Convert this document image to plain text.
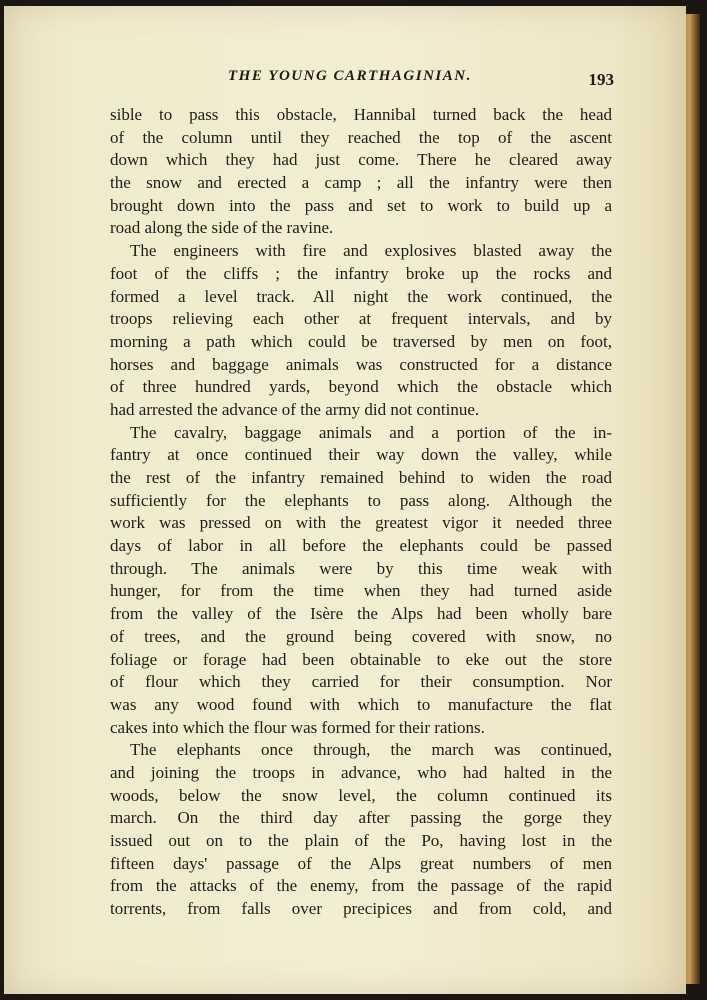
THE YOUNG CARTHAGINIAN.	193
sible to pass this obstacle, Hannibal turned back the head
of the column until they reached the top of the ascent
down which they had just come. There he cleared away
the snow and erected a camp ; all the infantry were then
brought down into the pass and set to work to build up a
road along the side of the ravine.
The engineers with fire and explosives blasted away the
foot of the cliffs ; the infantry broke up the rocks and
formed a level track. All night the work continued, the
troops relieving each other at frequent intervals, and by
morning a path which could be traversed by men on foot,
horses and baggage animals was constructed for a distance
of three hundred yards, beyond which the obstacle which
had arrested the advance of the army did not continue.
The cavalry, baggage animals and a portion of the in-
fantry at once continued their way down the valley, while
the rest of the infantry remained behind to widen the road
sufficiently for the elephants to pass along. Although the
work was pressed on with the greatest vigor it needed three
days of labor in all before the elephants could be passed
through. The animals were by this time weak with
hunger, for from the time when they had turned aside
from the valley of the Isère the Alps had been wholly bare
of trees, and the ground being covered with snow, no
foliage or forage had been obtainable to eke out the store
of flour which they carried for their consumption. Nor
was any wood found with which to manufacture the flat
cakes into which the flour was formed for their rations.
The elephants once through, the march was continued,
and joining the troops in advance, who had halted in the
woods, below the snow level, the column continued its
march. On the third day after passing the gorge they
issued out on to the plain of the Po, having lost in the
fifteen days' passage of the Alps great numbers of men
from the attacks of the enemy, from the passage of the rapid
torrents, from falls over precipices and from cold, and
